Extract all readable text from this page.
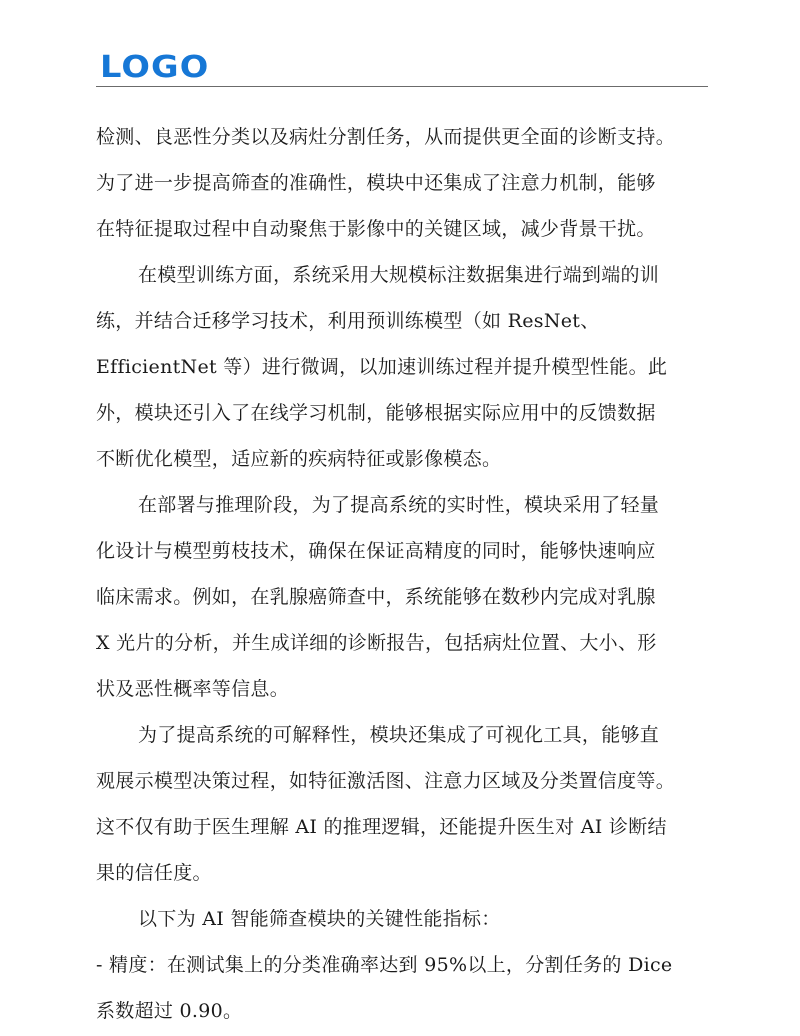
LOGO
检测、良恶性分类以及病灶分割任务，从而提供更全面的诊断支持。
为了进一步提高筛查的准确性，模块中还集成了注意力机制，能够
在特征提取过程中自动聚焦于影像中的关键区域，减少背景干扰。
在模型训练方面，系统采用大规模标注数据集进行端到端的训
练，并结合迁移学习技术，利用预训练模型（如 ResNet、
EfficientNet 等）进行微调，以加速训练过程并提升模型性能。此
外，模块还引入了在线学习机制，能够根据实际应用中的反馈数据
不断优化模型，适应新的疾病特征或影像模态。
在部署与推理阶段，为了提高系统的实时性，模块采用了轻量
化设计与模型剪枝技术，确保在保证高精度的同时，能够快速响应
临床需求。例如，在乳腺癌筛查中，系统能够在数秒内完成对乳腺
X 光片的分析，并生成详细的诊断报告，包括病灶位置、大小、形
状及恶性概率等信息。
为了提高系统的可解释性，模块还集成了可视化工具，能够直
观展示模型决策过程，如特征激活图、注意力区域及分类置信度等。
这不仅有助于医生理解 AI 的推理逻辑，还能提升医生对 AI 诊断结
果的信任度。
以下为 AI 智能筛查模块的关键性能指标：
- 精度：在测试集上的分类准确率达到 95%以上，分割任务的 Dice
系数超过 0.90。
